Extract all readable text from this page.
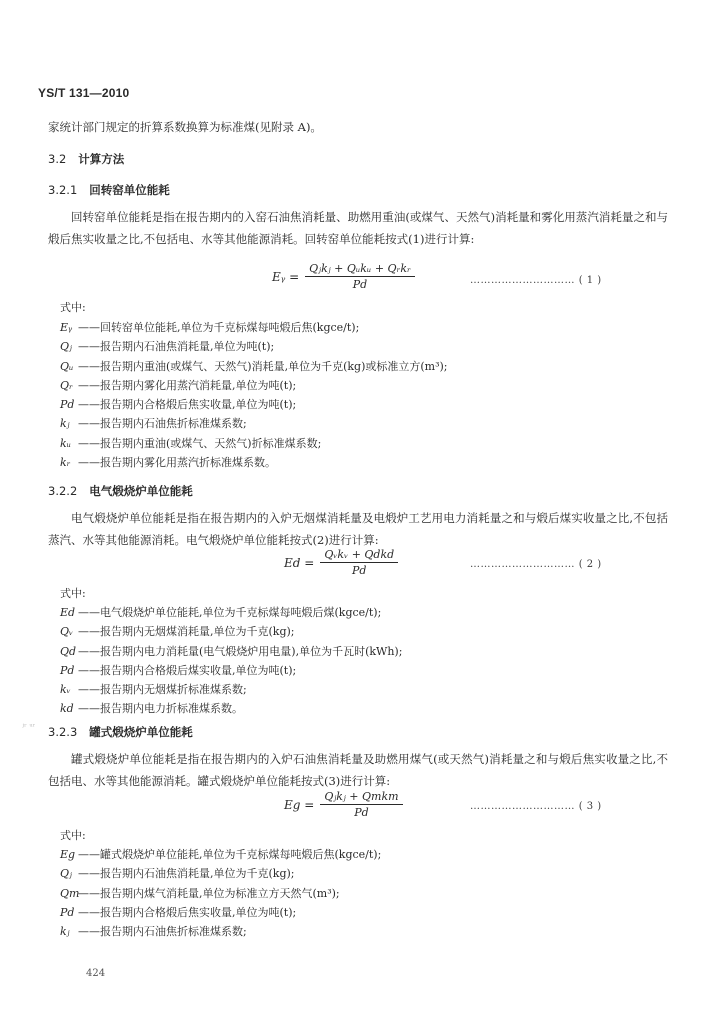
YS/T 131—2010
家统计部门规定的折算系数换算为标准煤(见附录 A)。
3.2 计算方法
3.2.1 回转窑单位能耗
回转窑单位能耗是指在报告期内的入窑石油焦消耗量、助燃用重油(或煤气、天然气)消耗量和雾化用蒸汽消耗量之和与煅后焦实收量之比,不包括电、水等其他能源消耗。回转窑单位能耗按式(1)进行计算:
Eᵧ = $\frac{\text{Qⱼkⱼ + Qᵤkᵤ + Qᵣkᵣ}}{Pd}$	………………………… ( 1 )
式中:
Eᵧ ——回转窑单位能耗,单位为千克标煤每吨煅后焦(kgce/t);
Qⱼ ——报告期内石油焦消耗量,单位为吨(t);
Qᵤ ——报告期内重油(或煤气、天然气)消耗量,单位为千克(kg)或标准立方(m³);
Qᵣ ——报告期内雾化用蒸汽消耗量,单位为吨(t);
Pd ——报告期内合格煅后焦实收量,单位为吨(t);
kⱼ ——报告期内石油焦折标准煤系数;
kᵤ ——报告期内重油(或煤气、天然气)折标准煤系数;
kᵣ ——报告期内雾化用蒸汽折标准煤系数。
3.2.2 电气煅烧炉单位能耗
电气煅烧炉单位能耗是指在报告期内的入炉无烟煤消耗量及电煅炉工艺用电力消耗量之和与煅后煤实收量之比,不包括蒸汽、水等其他能源消耗。电气煅烧炉单位能耗按式(2)进行计算:
$Ed = \frac{\text{Qᵥkᵥ + Qdkd}}{Pd}$	………………………… ( 2 )
式中:
Ed ——电气煅烧炉单位能耗,单位为千克标煤每吨煅后煤(kgce/t);
Qᵥ ——报告期内无烟煤消耗量,单位为千克(kg);
Qd ——报告期内电力消耗量(电气煅烧炉用电量),单位为千瓦时(kWh);
Pd ——报告期内合格煅后煤实收量,单位为吨(t);
kᵥ ——报告期内无烟煤折标准煤系数;
kd ——报告期内电力折标准煤系数。
ʲʳ ᵘʳ 3.2.3 罐式煅烧炉单位能耗
罐式煅烧炉单位能耗是指在报告期内的入炉石油焦消耗量及助燃用煤气(或天然气)消耗量之和与煅后焦实收量之比,不包括电、水等其他能源消耗。罐式煅烧炉单位能耗按式(3)进行计算:
$Eg = \frac{\text{Qⱼkⱼ + Qmkm}}{Pd}$	………………………… ( 3 )
式中:
Eg ——罐式煅烧炉单位能耗,单位为千克标煤每吨煅后焦(kgce/t);
Qⱼ ——报告期内石油焦消耗量,单位为千克(kg);
Qm——报告期内煤气消耗量,单位为标准立方天然气(m³);
Pd ——报告期内合格煅后焦实收量,单位为吨(t);
kⱼ ——报告期内石油焦折标准煤系数;
424
